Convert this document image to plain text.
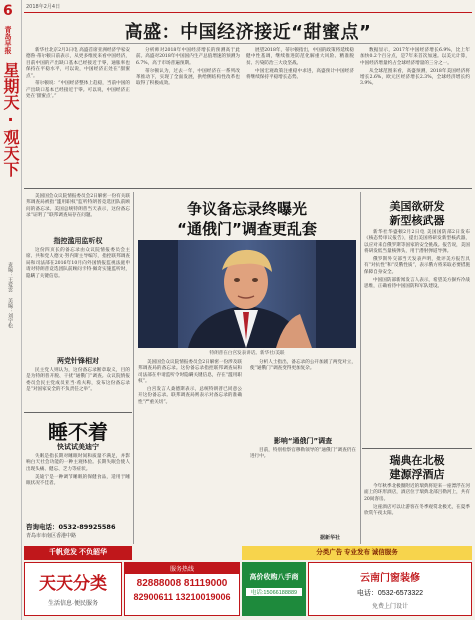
6
青岛早报
星期天·观天下
责编：王爱雲 美编：刘宇松
2018年2月4日
高盛：中国经济接近“甜蜜点”

新华社北京2月3日电 高盛首席亚洲经济学家安德鲁·蒂尔顿日前表示，从更多维度来看中国经济，目前中国的产出缺口基本已经接近于零，通胀率也保持在平稳水平，可以说，中国经济正处在“甜蜜点”。

蒂尔顿说：“中国经济整体上趋稳，当前中国的产出缺口基本已经接近于零。可以说，中国经济正处在‘甜蜜点’。”

分析师对2018年中国经济增长的预测高于此前。高盛对2018年中国国内生产总值增速的预测为6.7%，高于市场普遍预期。

蒂尔顿认为，过去一年，中国经济在一系列改革推动下，实现了全面发展，供给侧结构性改革也取得了积极成效。

展望2018年，蒂尔顿指出，中国的政策将延续稳健中性基调，继续推进防范化解重大风险、精准脱贫、污染防治三大攻坚战。

中国宏观政策注重稳中求进，高盛预计中国经济将继续保持平稳增长态势。

数据显示，2017年中国经济增长6.9%，比上年加快0.2个百分点，是7年来首次加速。以美元计算，中国经济增量约占全球经济增量的三分之一。

从全球范围来看，高盛预测，2018年美国经济将增长2.6%，欧元区经济增长2.3%，全球经济增长约3.9%。

美国国会众议院情报委员会2日解密一份有关联邦调查局被指“滥用职权”监听特朗普竞选团队前顾问的备忘录。美国总统特朗普当天表示，这份备忘录“证明了”联邦调查局存在问题。

指控滥用监听权

这份四页长的备忘录由众议院情报委员会主席、共和党人德文·努内斯主导编写，指控联邦调查局和司法部在2016年10月向外国情报监视法庭申请对特朗普竞选团队前顾问卡特·佩奇实施监听时，隐瞒了关键信息。

两党针锋相对

民主党人则认为，这份备忘录断章取义，目的是为特朗普开脱、干扰“通俄门”调查。众议院情报委员会民主党成员亚当·希夫称，发布这份备忘录是“对国家安全的不负责任之举”。

睡不着
快试试美迪宁

失眠是指长期对睡眠时间和质量不满足，并影响白天社会功能的一种主观体验。长期失眠会使人出现头痛、健忘、乏力等症状。

美迪宁是一种调节睡眠的保健食品，适用于睡眠状况不佳者。

咨询电话：0532-89925586
青岛市市南区香港中路
争议备忘录终曝光
“通俄门”调查更乱套
特朗普在白宫发表讲话。新华社/美联

美国国会众议院情报委员会2日解密一份涉及联邦调查局的备忘录。这份备忘录指控联邦调查局和司法部在申请监听令时隐瞒关键信息，存在“滥用职权”。

白宫发言人桑德斯表示，总统特朗普已同意公开这份备忘录。联邦调查局则表示对备忘录的准确性“严重关切”。

分析人士指出，备忘录的公开加剧了两党对立，使“通俄门”调查变得更加复杂。

影响“通俄门”调查

目前，特别检察官穆勒领导的“通俄门”调查仍在进行中。

据新华社
美国欲研发
新型核武器

新华社华盛顿2月2日电 美国国防部2日发布《核态势审议报告》，提出美国将研发新型核武器，以应对来自俄罗斯等国家的安全挑战。报告说，美国将研发低当量核弹头，用于潜射弹道导弹。

俄罗斯外交部当天发表声明，批评美方报告具有“对抗性”和“反俄性质”，表示俄方将采取必要措施保障自身安全。

中国国防部新闻发言人表示，希望美方摒弃冷战思维，正确看待中国国防和军队建设。

瑞典在北极
建源浮酒店

今年秋季北极圈附近的瑞典将迎来一座漂浮在河面上的环形酒店，酒店位于瑞典北部吕勒河上，共有20间客房。

这座酒店可以让游客在冬季观赏北极光，在夏季欣赏午夜太阳。

千帆竞发 不负韶华
天天分类
生活信息·便民服务
服务热线
82888008 81119000
82900611 13210019006
高价收购八手商
电话:15066188889
分类广告 专业发布 诚信服务
云南门窗装修
电话：0532-6573322
免费上门设计
